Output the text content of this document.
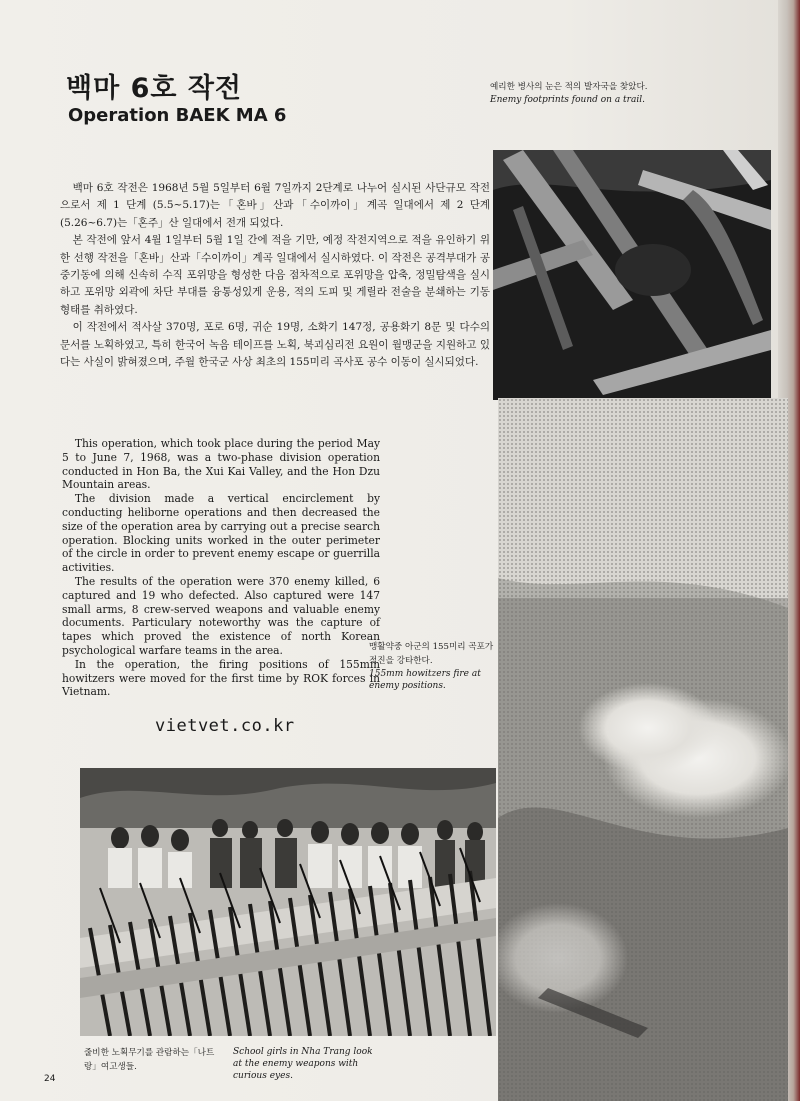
백마 6호 작전
Operation BAEK MA 6

백마 6호 작전은 1968년 5월 5일부터 6월 7일까지 2단계로 나누어 실시된 사단규모 작전으로서 제 1 단계 (5.5~5.17)는「혼바」산과「수이까이」계곡 일대에서 제 2 단계 (5.26~6.7)는「혼주」산 일대에서 전개 되었다.

본 작전에 앞서 4월 1일부터 5월 1일 간에 적을 기만, 예정 작전지역으로 적을 유인하기 위한 선행 작전을「혼바」산과「수이까이」계곡 일대에서 실시하였다. 이 작전은 공격부대가 공중기동에 의해 신속히 수직 포위망을 형성한 다음 점차적으로 포위망을 압축, 정밀탐색을 실시하고 포위망 외곽에 차단 부대를 융통성있게 운용, 적의 도피 및 게릴라 전술을 분쇄하는 기동 형태를 취하였다.

이 작전에서 적사살 370명, 포로 6명, 귀순 19명, 소화기 147정, 공용화기 8문 및 다수의 문서를 노획하였고, 특히 한국어 녹음 테이프를 노획, 북괴심리전 요원이 월맹군을 지원하고 있다는 사실이 밝혀졌으며, 주월 한국군 사상 최초의 155미리 곡사포 공수 이동이 실시되었다.

This operation, which took place during the period May 5 to June 7, 1968, was a two-phase division operation conducted in Hon Ba, the Xui Kai Valley, and the Hon Dzu Mountain areas.

The division made a vertical encirclement by conducting heliborne operations and then decreased the size of the operation area by carrying out a precise search operation. Blocking units worked in the outer perimeter of the circle in order to prevent enemy escape or guerrilla activities.

The results of the operation were 370 enemy killed, 6 captured and 19 who defected. Also captured were 147 small arms, 8 crew-served weapons and valuable enemy documents. Particulary noteworthy was the capture of tapes which proved the existence of north Korean psychological warfare teams in the area.

In the operation, the firing positions of 155mm howitzers were moved for the first time by ROK forces in Vietnam.

vietvet.co.kr
예리한 병사의 눈은 적의 발자국을 찾았다.
Enemy footprints found on a trail.
맹활약중 아군의 155미리 곡포가 적진을 강타한다.
155mm howitzers fire at enemy positions.
줄비한 노획무기를 관람하는「나트랑」여고생들.
School girls in Nha Trang look at the enemy weapons with curious eyes.
24
